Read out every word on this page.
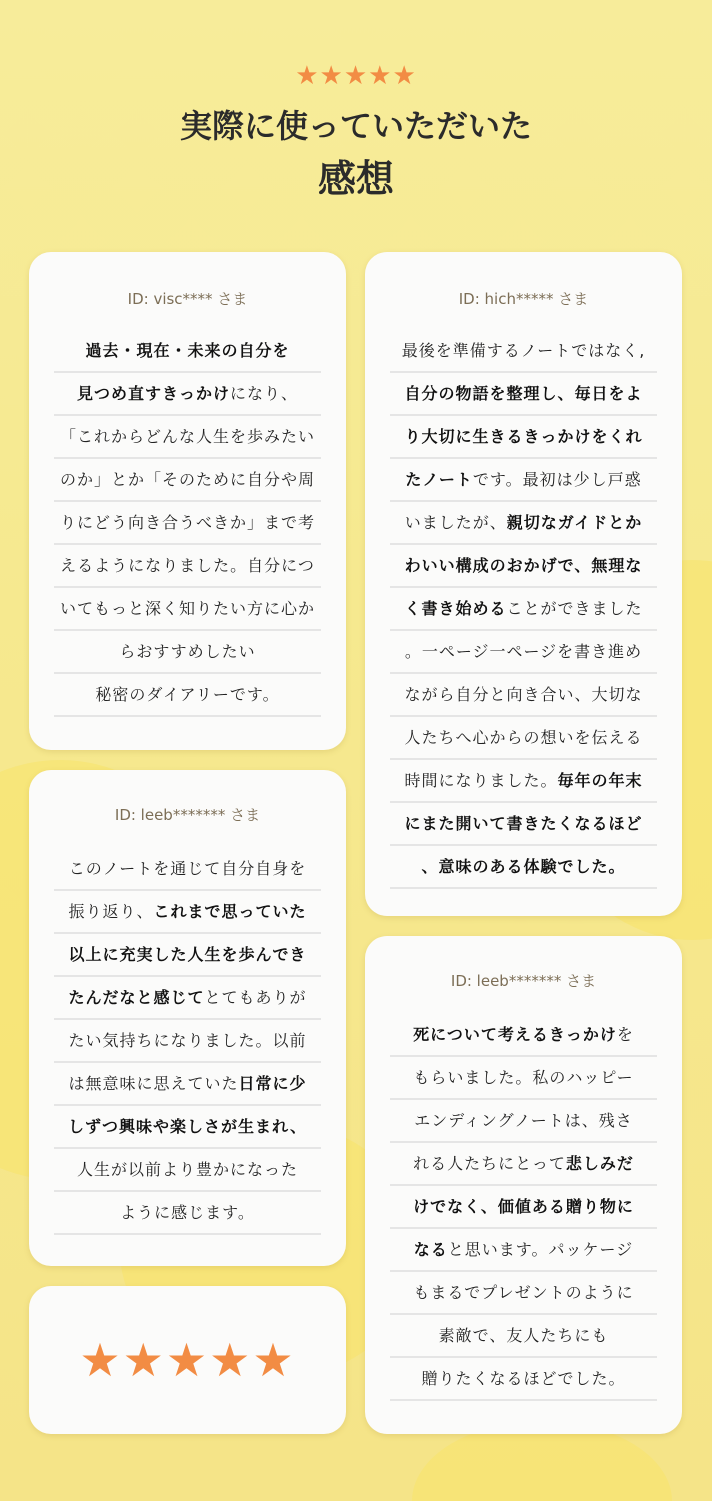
★★★★★
実際に使っていただいた
感想
ID: visc**** さま
過去・現在・未来の自分を
見つめ直すきっかけになり、
「これからどんな人生を歩みたい
のか」とか「そのために自分や周
りにどう向き合うべきか」まで考
えるようになりました。自分につ
いてもっと深く知りたい方に心か
らおすすめしたい
秘密のダイアリーです。
ID: hich***** さま
最後を準備するノートではなく,
自分の物語を整理し、毎日をよ
り大切に生きるきっかけをくれ
たノートです。最初は少し戸惑
いましたが、親切なガイドとか
わいい構成のおかげで、無理な
く書き始めることができました
。一ページ一ページを書き進め
ながら自分と向き合い、大切な
人たちへ心からの想いを伝える
時間になりました。毎年の年末
にまた開いて書きたくなるほど
、意味のある体験でした。
ID: leeb******* さま
このノートを通じて自分自身を
振り返り、これまで思っていた
以上に充実した人生を歩んでき
たんだなと感じてとてもありが
たい気持ちになりました。以前
は無意味に思えていた日常に少
しずつ興味や楽しさが生まれ、
人生が以前より豊かになった
ように感じます。
ID: leeb******* さま
死について考えるきっかけを
もらいました。私のハッピー
エンディングノートは、残さ
れる人たちにとって悲しみだ
けでなく、価値ある贈り物に
なると思います。パッケージ
もまるでプレゼントのように
素敵で、友人たちにも
贈りたくなるほどでした。
★★★★★
